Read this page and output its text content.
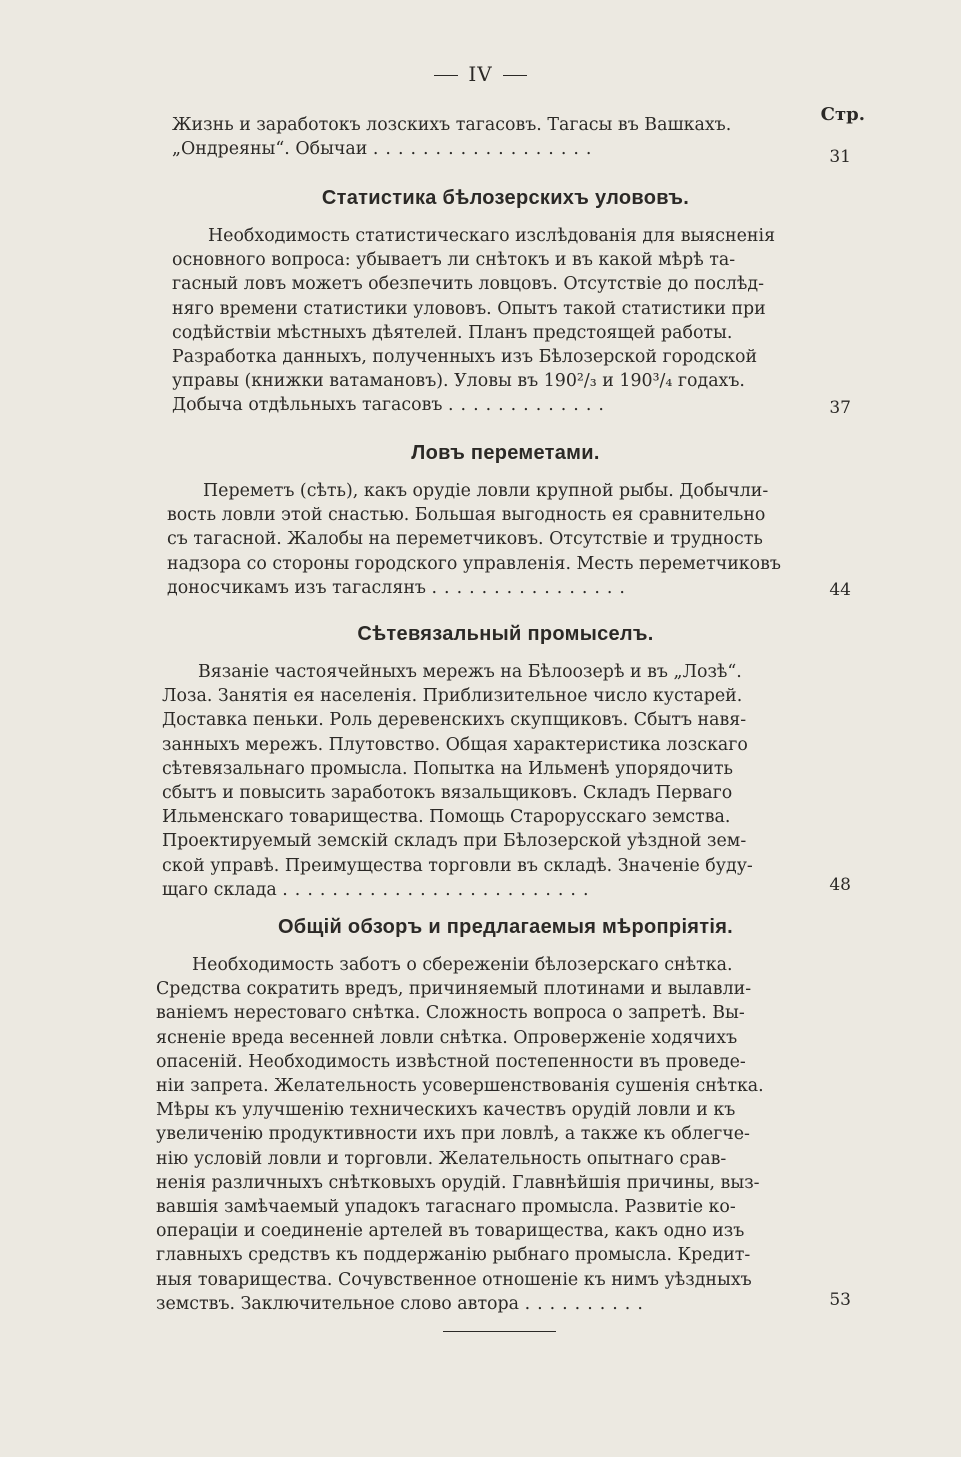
IV
Стр.
Жизнь и заработокъ лозскихъ тагасовъ. Тагасы въ Вашкахъ.
„Ондреяны“. Обычаи ..................	31
Статистика бѣлозерскихъ улововъ.
Необходимость статистическаго изслѣдованія для выясненія
основного вопроса: убываетъ ли снѣтокъ и въ какой мѣрѣ та-
гасный ловъ можетъ обезпечить ловцовъ. Отсутствіе до послѣд-
няго времени статистики улововъ. Опытъ такой статистики при
содѣйствіи мѣстныхъ дѣятелей. Планъ предстоящей работы.
Разработка данныхъ, полученныхъ изъ Бѣлозерской городской
управы (книжки ватамановъ). Уловы въ 190²/₃ и 190³/₄ годахъ.
Добыча отдѣльныхъ тагасовъ .............	37
Ловъ переметами.
Переметъ (сѣть), какъ орудіе ловли крупной рыбы. Добычли-
вость ловли этой снастью. Большая выгодность ея сравнительно
съ тагасной. Жалобы на переметчиковъ. Отсутствіе и трудность
надзора со стороны городского управленія. Месть переметчиковъ
доносчикамъ изъ тагаслянъ ................	44
Сѣтевязальный промыселъ.
Вязаніе частоячейныхъ мережъ на Бѣлоозерѣ и въ „Лозѣ“.
Лоза. Занятія ея населенія. Приблизительное число кустарей.
Доставка пеньки. Роль деревенскихъ скупщиковъ. Сбытъ навя-
занныхъ мережъ. Плутовство. Общая характеристика лозскаго
сѣтевязальнаго промысла. Попытка на Ильменѣ упорядочить
сбытъ и повысить заработокъ вязальщиковъ. Складъ Перваго
Ильменскаго товарищества. Помощь Старорусскаго земства.
Проектируемый земскій складъ при Бѣлозерской уѣздной зем-
ской управѣ. Преимущества торговли въ складѣ. Значеніе буду-
щаго склада .........................	48
Общій обзоръ и предлагаемыя мѣропріятія.
Необходимость заботъ о сбереженіи бѣлозерскаго снѣтка.
Средства сократить вредъ, причиняемый плотинами и вылавли-
ваніемъ нерестоваго снѣтка. Сложность вопроса о запретѣ. Вы-
ясненіе вреда весенней ловли снѣтка. Опроверженіе ходячихъ
опасеній. Необходимость извѣстной постепенности въ проведе-
ніи запрета. Желательность усовершенствованія сушенія снѣтка.
Мѣры къ улучшенію техническихъ качествъ орудій ловли и къ
увеличенію продуктивности ихъ при ловлѣ, а также къ облегче-
нію условій ловли и торговли. Желательность опытнаго срав-
ненія различныхъ снѣтковыхъ орудій. Главнѣйшія причины, выз-
вавшія замѣчаемый упадокъ тагаснаго промысла. Развитіе ко-
операціи и соединеніе артелей въ товарищества, какъ одно изъ
главныхъ средствъ къ поддержанію рыбнаго промысла. Кредит-
ныя товарищества. Сочувственное отношеніе къ нимъ уѣздныхъ
земствъ. Заключительное слово автора ..........	53
